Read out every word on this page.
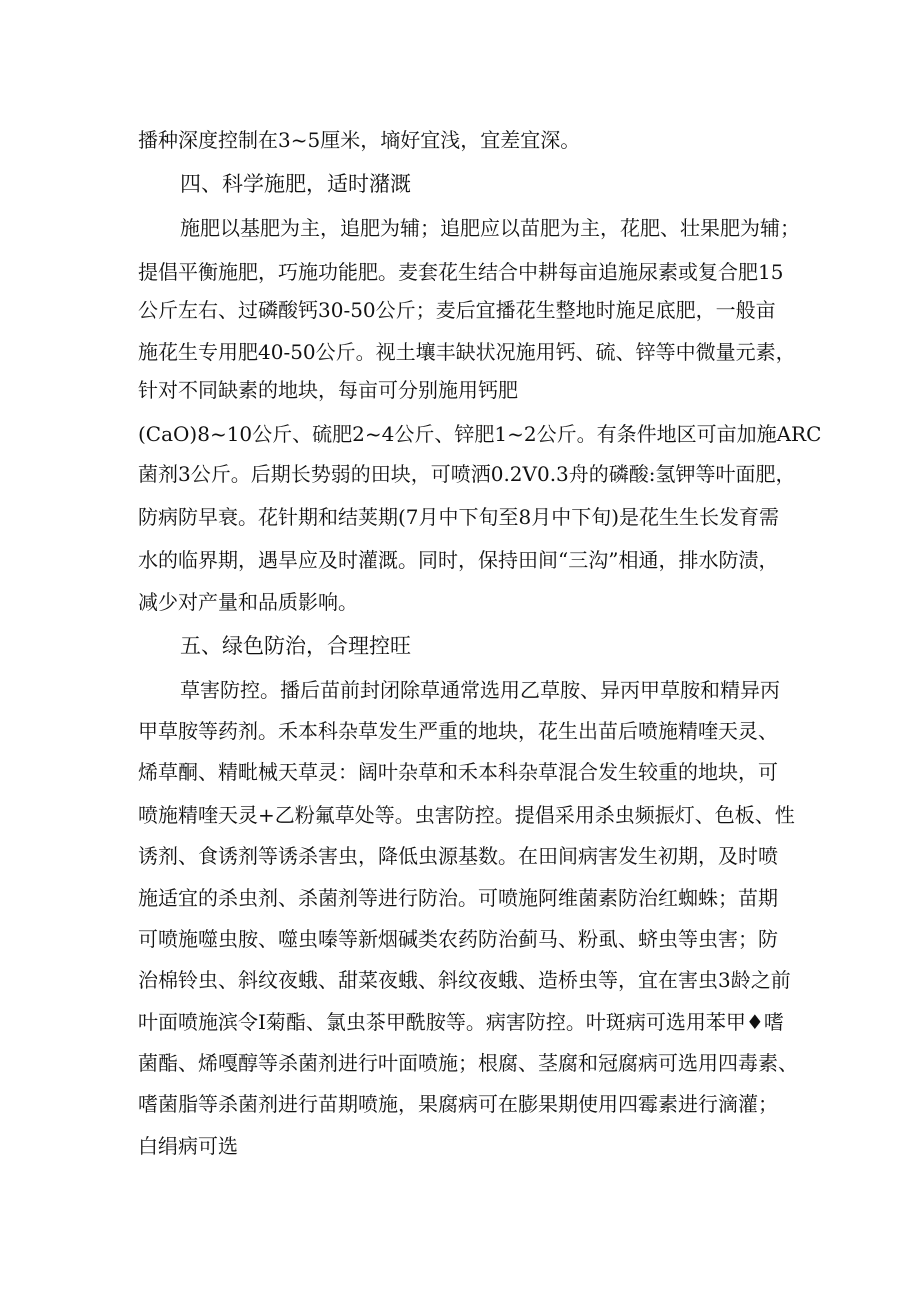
播种深度控制在3~5厘米，墒好宜浅，宜差宜深。
四、科学施肥，适时潴溉
施肥以基肥为主，追肥为辅；追肥应以苗肥为主，花肥、壮果肥为辅；
提倡平衡施肥，巧施功能肥。麦套花生结合中耕每亩追施尿素或复合肥15
公斤左右、过磷酸钙30-50公斤；麦后宜播花生整地时施足底肥，一般亩
施花生专用肥40-50公斤。视土壤丰缺状况施用钙、硫、锌等中微量元素，
针对不同缺素的地块，每亩可分别施用钙肥
(CaO)8~10公斤、硫肥2~4公斤、锌肥1~2公斤。有条件地区可亩加施ARC
菌剂3公斤。后期长势弱的田块，可喷洒0.2V0.3舟的磷酸:氢钾等叶面肥，
防病防早衰。花针期和结荚期(7月中下旬至8月中下旬)是花生生长发育需
水的临界期，遇旱应及时灌溉。同时，保持田间“三沟”相通，排水防渍，
减少对产量和品质影响。
五、绿色防治，合理控旺
草害防控。播后苗前封闭除草通常选用乙草胺、异丙甲草胺和精异丙
甲草胺等药剂。禾本科杂草发生严重的地块，花生出苗后喷施精喹天灵、
烯草酮、精毗械天草灵：阔叶杂草和禾本科杂草混合发生较重的地块，可
喷施精喹天灵+乙粉氟草处等。虫害防控。提倡采用杀虫频振灯、色板、性
诱剂、食诱剂等诱杀害虫，降低虫源基数。在田间病害发生初期，及时喷
施适宜的杀虫剂、杀菌剂等进行防治。可喷施阿维菌素防治红蜘蛛；苗期
可喷施噬虫胺、噬虫嗪等新烟碱类农药防治蓟马、粉虱、蛴虫等虫害；防
治棉铃虫、斜纹夜蛾、甜菜夜蛾、斜纹夜蛾、造桥虫等，宜在害虫3龄之前
叶面喷施滨令I菊酯、氯虫茶甲酰胺等。病害防控。叶斑病可选用苯甲♦嗜
菌酯、烯嘎醇等杀菌剂进行叶面喷施；根腐、茎腐和冠腐病可选用四毒素、
嗜菌脂等杀菌剂进行苗期喷施，果腐病可在膨果期使用四霉素进行滴灌；
白绢病可选
